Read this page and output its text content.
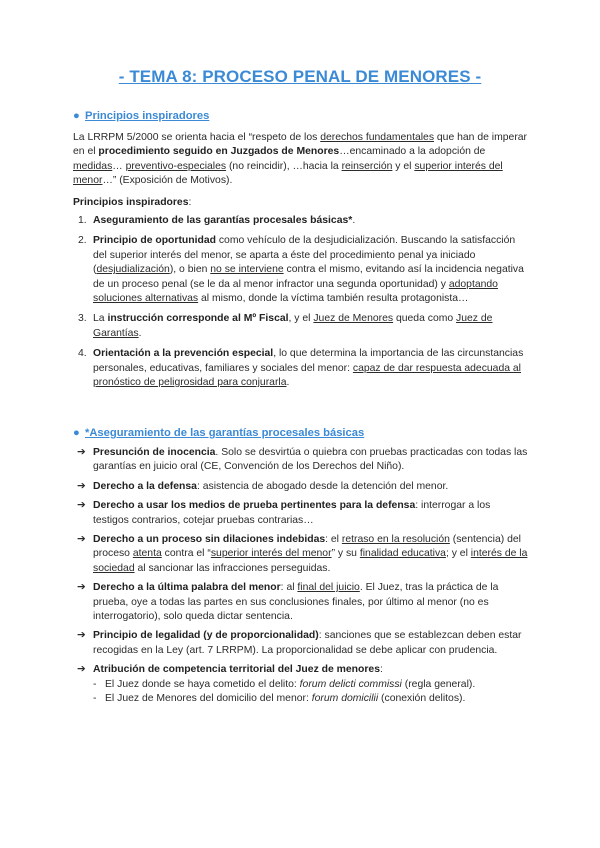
- TEMA 8: PROCESO PENAL DE MENORES -
● Principios inspiradores

La LRRPM 5/2000 se orienta hacia el “respeto de los derechos fundamentales que han de imperar en el procedimiento seguido en Juzgados de Menores…encaminado a la adopción de medidas… preventivo-especiales (no reincidir), …hacia la reinserción y el superior interés del menor…” (Exposición de Motivos).

Principios inspiradores:

1. Aseguramiento de las garantías procesales básicas*.
2. Principio de oportunidad como vehículo de la desjudicialización. Buscando la satisfacción del superior interés del menor, se aparta a éste del procedimiento penal ya iniciado (desjudialización), o bien no se interviene contra el mismo, evitando así la incidencia negativa de un proceso penal (se le da al menor infractor una segunda oportunidad) y adoptando soluciones alternativas al mismo, donde la víctima también resulta protagonista…
3. La instrucción corresponde al Mº Fiscal, y el Juez de Menores queda como Juez de Garantías.
4. Orientación a la prevención especial, lo que determina la importancia de las circunstancias personales, educativas, familiares y sociales del menor: capaz de dar respuesta adecuada al pronóstico de peligrosidad para conjurarla.
● *Aseguramiento de las garantías procesales básicas
➔ Presunción de inocencia. Solo se desvirtúa o quiebra con pruebas practicadas con todas las garantías en juicio oral (CE, Convención de los Derechos del Niño).
➔ Derecho a la defensa: asistencia de abogado desde la detención del menor.
➔ Derecho a usar los medios de prueba pertinentes para la defensa: interrogar a los testigos contrarios, cotejar pruebas contrarias…
➔ Derecho a un proceso sin dilaciones indebidas: el retraso en la resolución (sentencia) del proceso atenta contra el “superior interés del menor” y su finalidad educativa; y el interés de la sociedad al sancionar las infracciones perseguidas.
➔ Derecho a la última palabra del menor: al final del juicio. El Juez, tras la práctica de la prueba, oye a todas las partes en sus conclusiones finales, por último al menor (no es interrogatorio), solo queda dictar sentencia.
➔ Principio de legalidad (y de proporcionalidad): sanciones que se establezcan deben estar recogidas en la Ley (art. 7 LRRPM). La proporcionalidad se debe aplicar con prudencia.
➔ Atribución de competencia territorial del Juez de menores:
- El Juez donde se haya cometido el delito: forum delicti commissi (regla general).
- El Juez de Menores del domicilio del menor: forum domicilii (conexión delitos).
